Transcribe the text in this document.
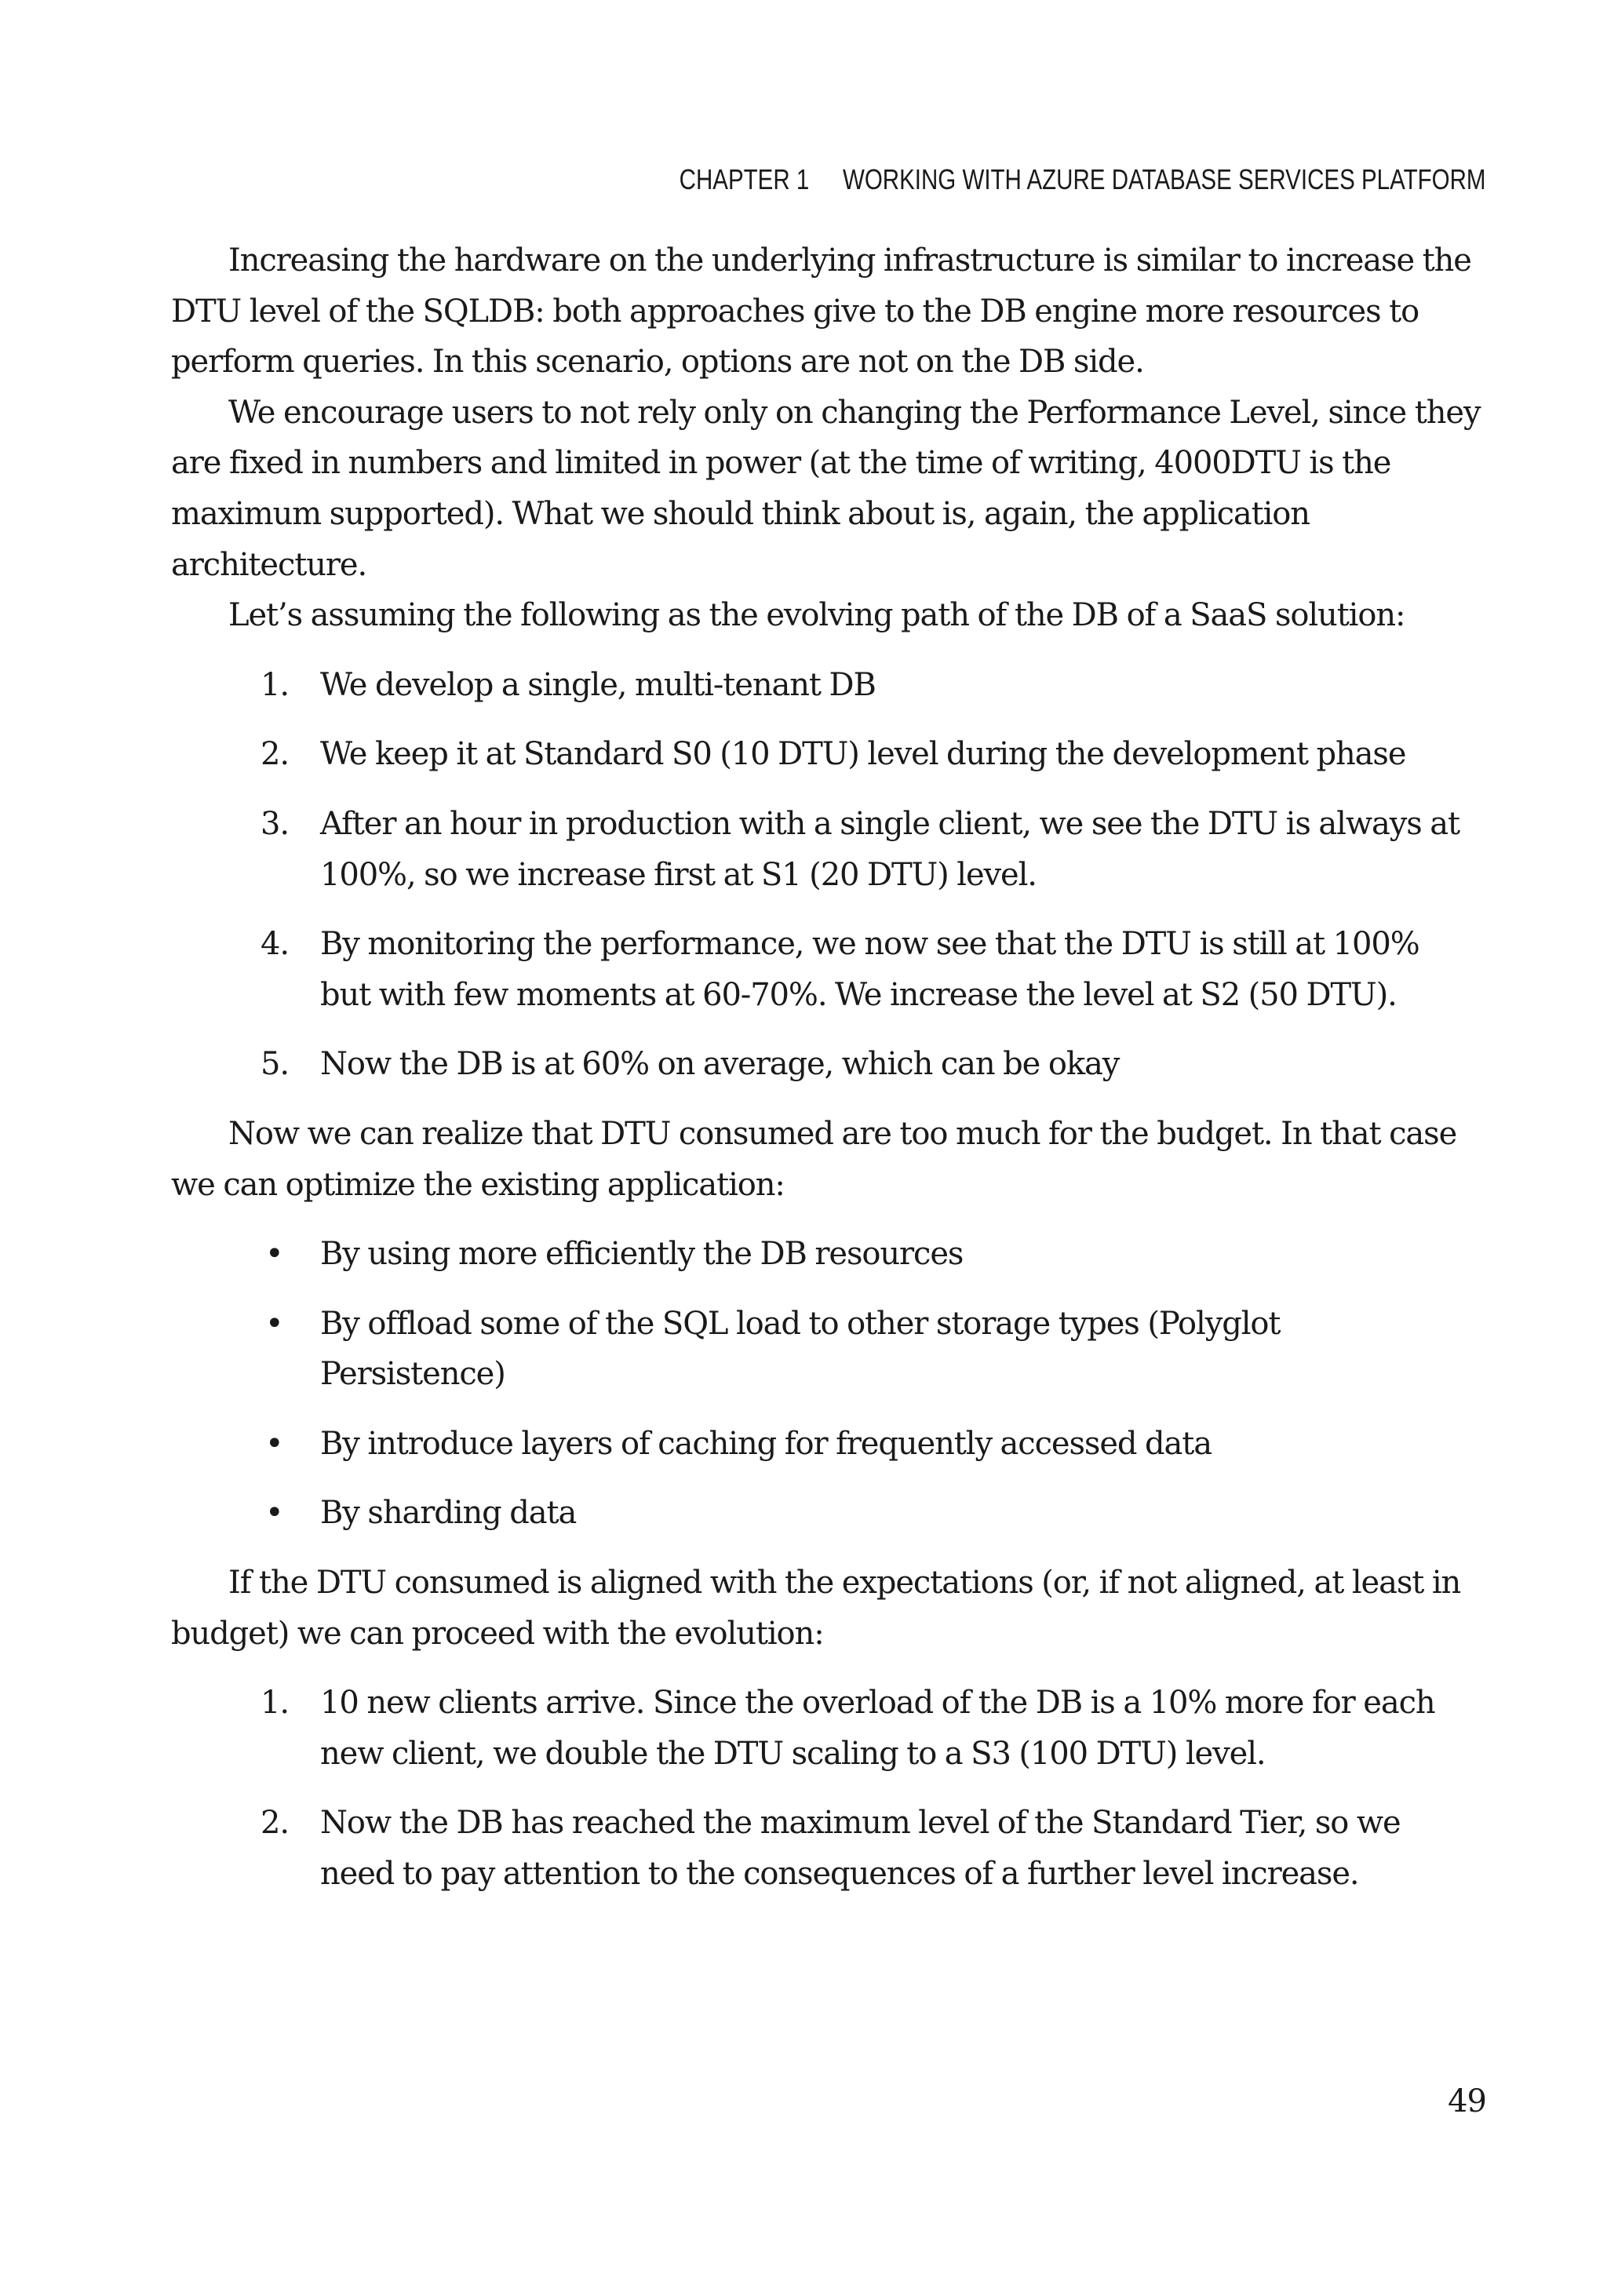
CHAPTER 1 WORKING WITH AZURE DATABASE SERVICES PLATFORM

Increasing the hardware on the underlying infrastructure is similar to increase the DTU level of the SQLDB: both approaches give to the DB engine more resources to perform queries. In this scenario, options are not on the DB side.

We encourage users to not rely only on changing the Performance Level, since they are fixed in numbers and limited in power (at the time of writing, 4000DTU is the maximum supported). What we should think about is, again, the application architecture.

Let’s assuming the following as the evolving path of the DB of a SaaS solution:

1. We develop a single, multi-tenant DB
2. We keep it at Standard S0 (10 DTU) level during the development phase
3. After an hour in production with a single client, we see the DTU is always at 100%, so we increase first at S1 (20 DTU) level.
4. By monitoring the performance, we now see that the DTU is still at 100% but with few moments at 60-70%. We increase the level at S2 (50 DTU).
5. Now the DB is at 60% on average, which can be okay

Now we can realize that DTU consumed are too much for the budget. In that case we can optimize the existing application:

• By using more efficiently the DB resources
• By offload some of the SQL load to other storage types (Polyglot Persistence)
• By introduce layers of caching for frequently accessed data
• By sharding data

If the DTU consumed is aligned with the expectations (or, if not aligned, at least in budget) we can proceed with the evolution:

1. 10 new clients arrive. Since the overload of the DB is a 10% more for each new client, we double the DTU scaling to a S3 (100 DTU) level.
2. Now the DB has reached the maximum level of the Standard Tier, so we need to pay attention to the consequences of a further level increase.
49
